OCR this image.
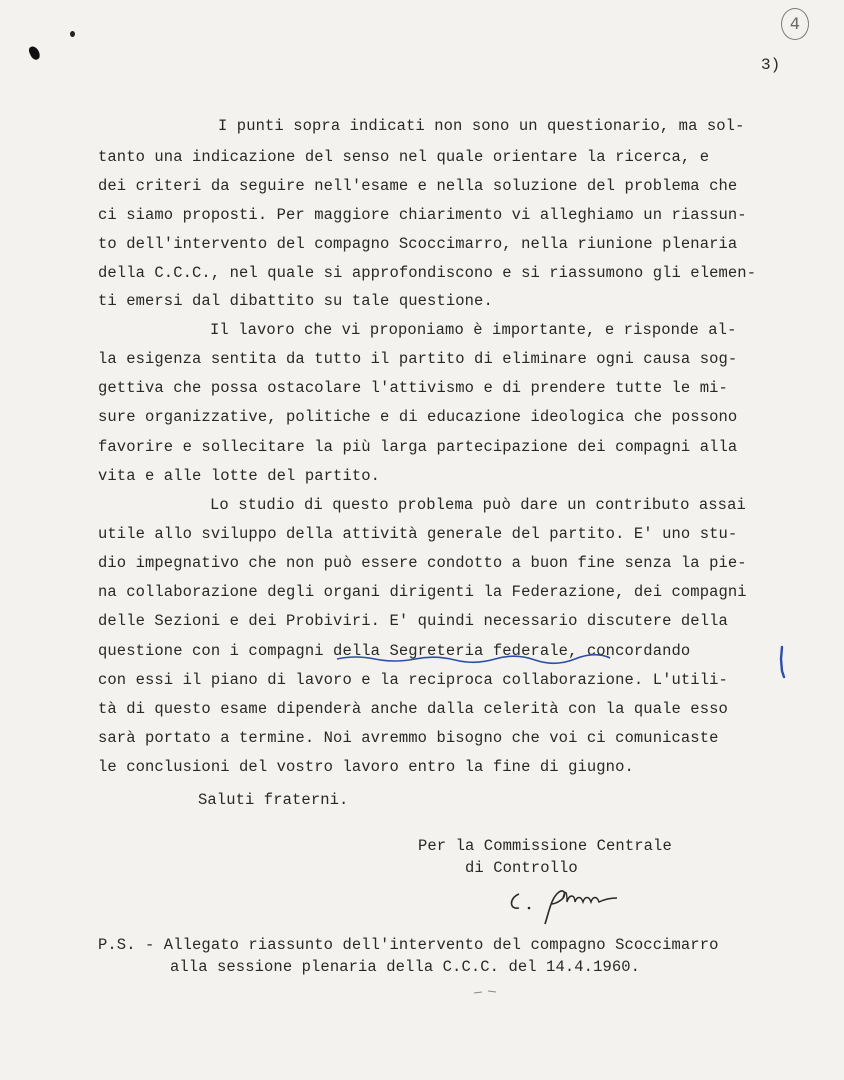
4
3)
I punti sopra indicati non sono un questionario, ma sol-
tanto una indicazione del senso nel quale orientare la ricerca, e
dei criteri da seguire nell'esame e nella soluzione del problema che
ci siamo proposti. Per maggiore chiarimento vi alleghiamo un riassun-
to dell'intervento del compagno Scoccimarro, nella riunione plenaria
della C.C.C., nel quale si approfondiscono e si riassumono gli elemen-
ti emersi dal dibattito su tale questione.
Il lavoro che vi proponiamo è importante, e risponde al-
la esigenza sentita da tutto il partito di eliminare ogni causa sog-
gettiva che possa ostacolare l'attivismo e di prendere tutte le mi-
sure organizzative, politiche e di educazione ideologica che possono
favorire e sollecitare la più larga partecipazione dei compagni alla
vita e alle lotte del partito.
Lo studio di questo problema può dare un contributo assai
utile allo sviluppo della attività generale del partito. E' uno stu-
dio impegnativo che non può essere condotto a buon fine senza la pie-
na collaborazione degli organi dirigenti la Federazione, dei compagni
delle Sezioni e dei Probiviri. E' quindi necessario discutere della
questione con i compagni della Segreteria federale, concordando
con essi il piano di lavoro e la reciproca collaborazione. L'utili-
tà di questo esame dipenderà anche dalla celerità con la quale esso
sarà portato a termine. Noi avremmo bisogno che voi ci comunicaste
le conclusioni del vostro lavoro entro la fine di giugno.
Saluti fraterni.
Per la Commissione Centrale
di Controllo
P.S. - Allegato riassunto dell'intervento del compagno Scoccimarro
alla sessione plenaria della C.C.C. del 14.4.1960.
